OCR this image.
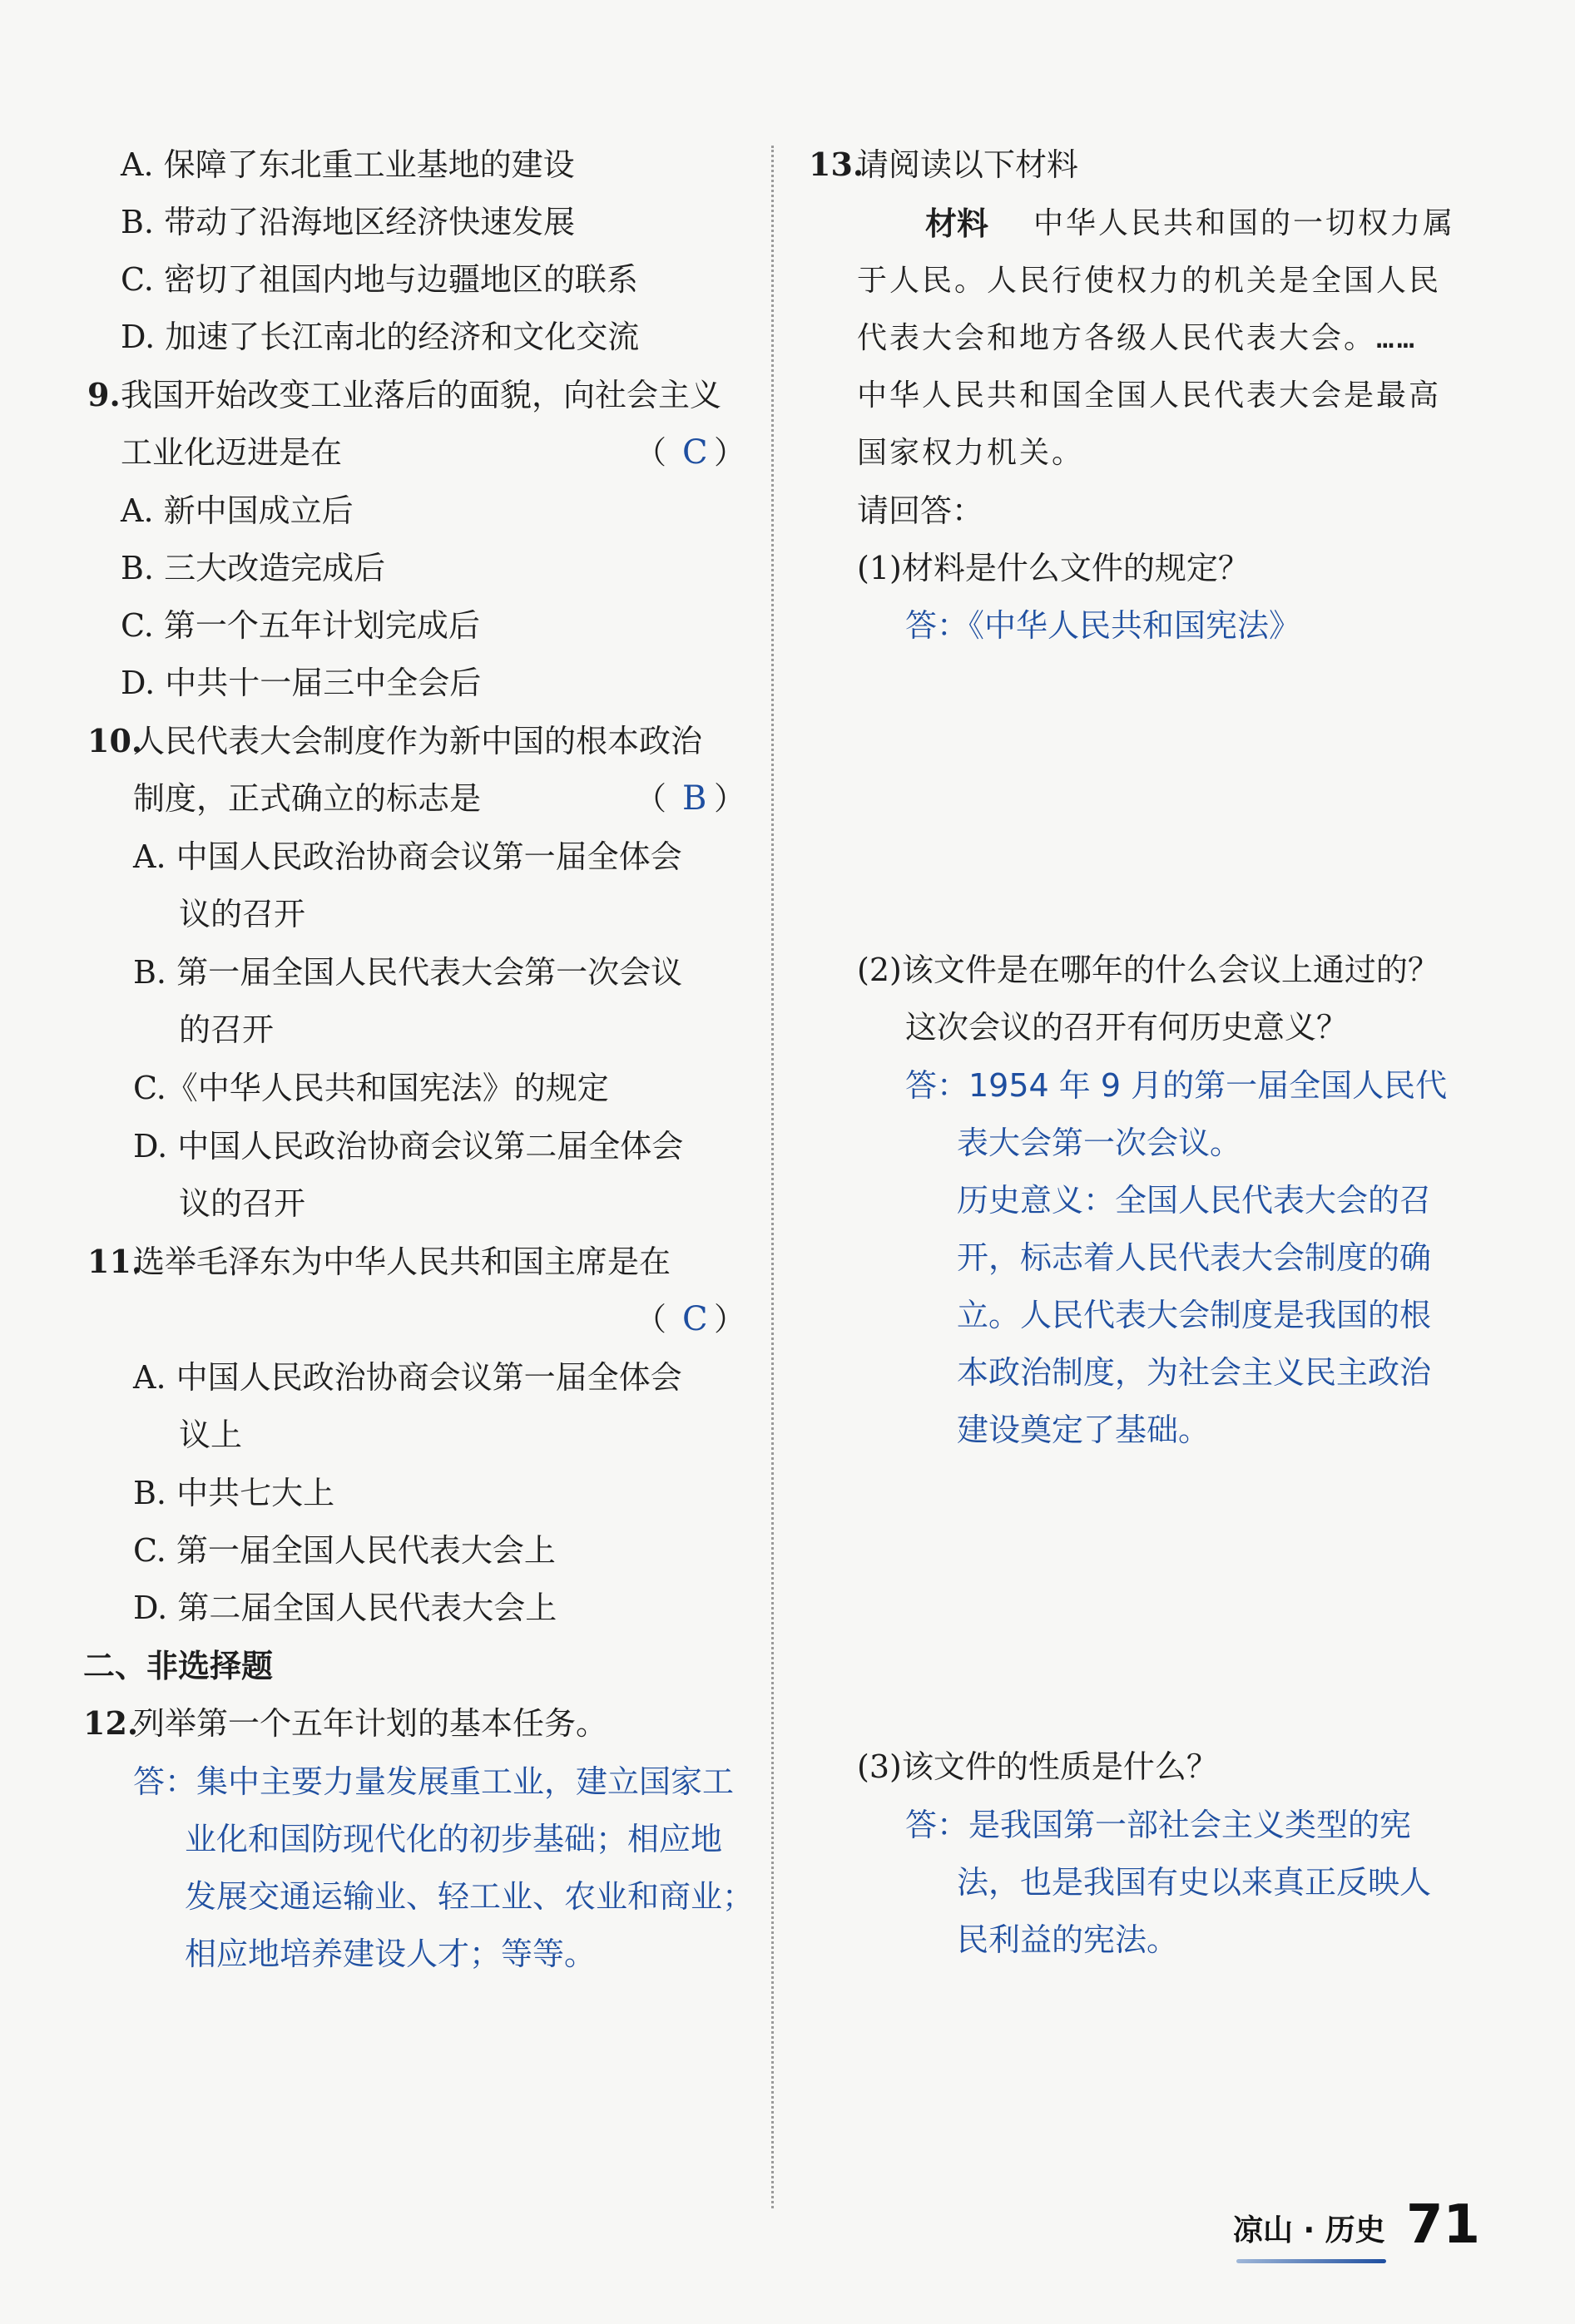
A. 保障了东北重工业基地的建设
B. 带动了沿海地区经济快速发展
C. 密切了祖国内地与边疆地区的联系
D. 加速了长江南北的经济和文化交流
9. 我国开始改变工业落后的面貌，向社会主义
工业化迈进是在	（ C ）
A. 新中国成立后
B. 三大改造完成后
C. 第一个五年计划完成后
D. 中共十一届三中全会后
10.
人民代表大会制度作为新中国的根本政治
制度，正式确立的标志是	（ B ）
A. 中国人民政治协商会议第一届全体会
议的召开
B. 第一届全国人民代表大会第一次会议
的召开
C.《中华人民共和国宪法》的规定
D. 中国人民政治协商会议第二届全体会
议的召开
11.
选举毛泽东为中华人民共和国主席是在
（ C ）
A. 中国人民政治协商会议第一届全体会
议上
B. 中共七大上
C. 第一届全国人民代表大会上
D. 第二届全国人民代表大会上
二、非选择题
12.
列举第一个五年计划的基本任务。
答：集中主要力量发展重工业，建立国家工
业化和国防现代化的初步基础；相应地
发展交通运输业、轻工业、农业和商业；
相应地培养建设人才；等等。
13.
请阅读以下材料
材料 中华人民共和国的一切权力属
于人民。人民行使权力的机关是全国人民
代表大会和地方各级人民代表大会。……
中华人民共和国全国人民代表大会是最高
国家权力机关。
请回答：
(1)材料是什么文件的规定？
答：《中华人民共和国宪法》
(2)该文件是在哪年的什么会议上通过的？
这次会议的召开有何历史意义？
答：1954 年 9 月的第一届全国人民代
表大会第一次会议。
历史意义：全国人民代表大会的召
开，标志着人民代表大会制度的确
立。人民代表大会制度是我国的根
本政治制度，为社会主义民主政治
建设奠定了基础。
(3)该文件的性质是什么？
答：是我国第一部社会主义类型的宪
法，也是我国有史以来真正反映人
民利益的宪法。
凉山 · 历史 71
